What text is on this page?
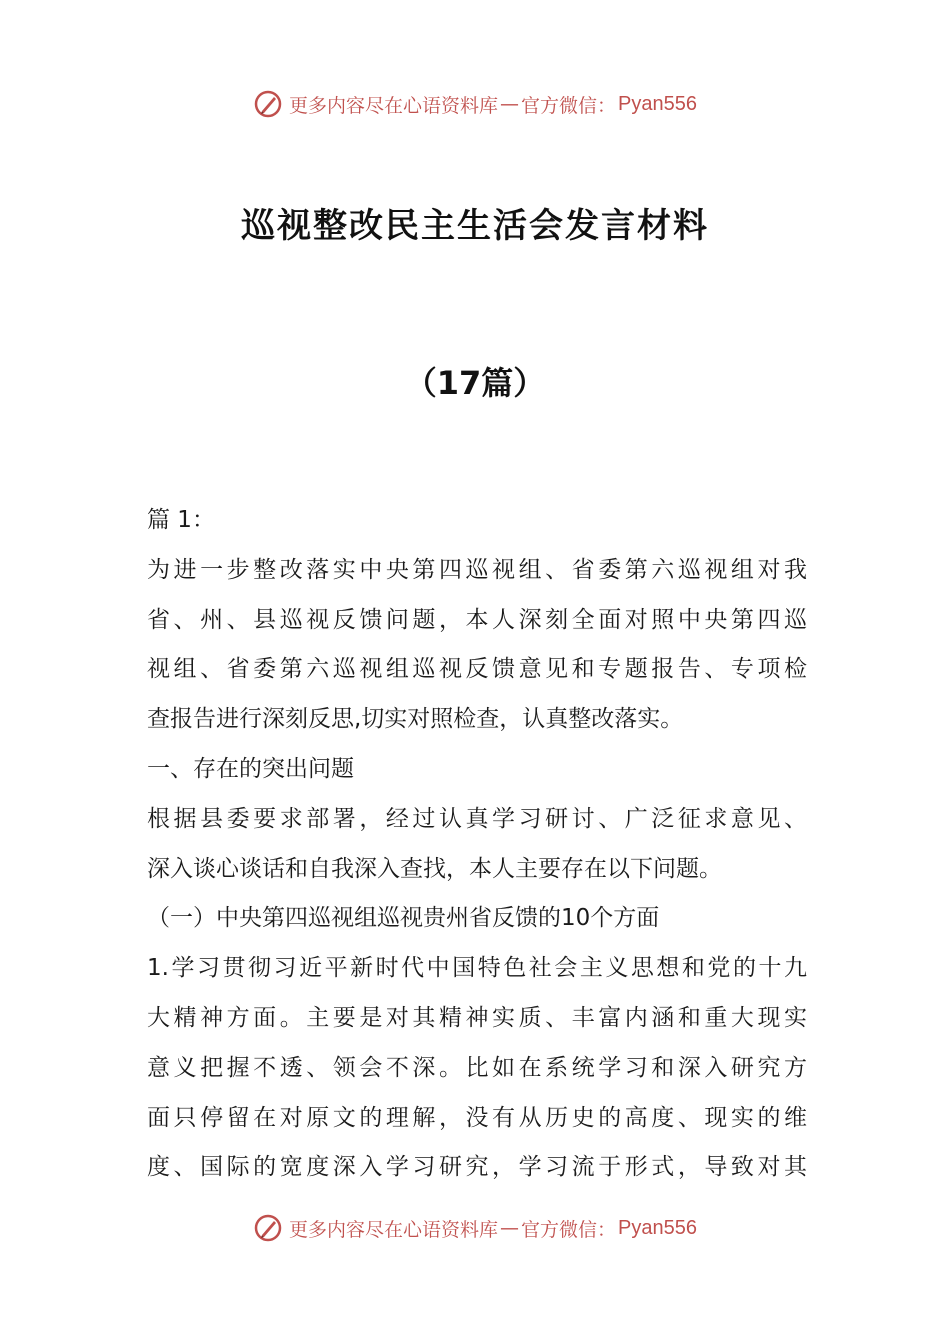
更多内容尽在心语资料库 — 官方微信： Pyan556
巡视整改民主生活会发言材料
（17篇）
篇 1：
为进一步整改落实中央第四巡视组、省委第六巡视组对我
省、州、县巡视反馈问题，本人深刻全面对照中央第四巡
视组、省委第六巡视组巡视反馈意见和专题报告、专项检
查报告进行深刻反思,切实对照检查，认真整改落实。
一、存在的突出问题
根据县委要求部署，经过认真学习研讨、广泛征求意见、
深入谈心谈话和自我深入查找，本人主要存在以下问题。
（一）中央第四巡视组巡视贵州省反馈的10个方面
1.学习贯彻习近平新时代中国特色社会主义思想和党的十九
大精神方面。主要是对其精神实质、丰富内涵和重大现实
意义把握不透、领会不深。比如在系统学习和深入研究方
面只停留在对原文的理解，没有从历史的高度、现实的维
度、国际的宽度深入学习研究，学习流于形式，导致对其
更多内容尽在心语资料库 — 官方微信： Pyan556
